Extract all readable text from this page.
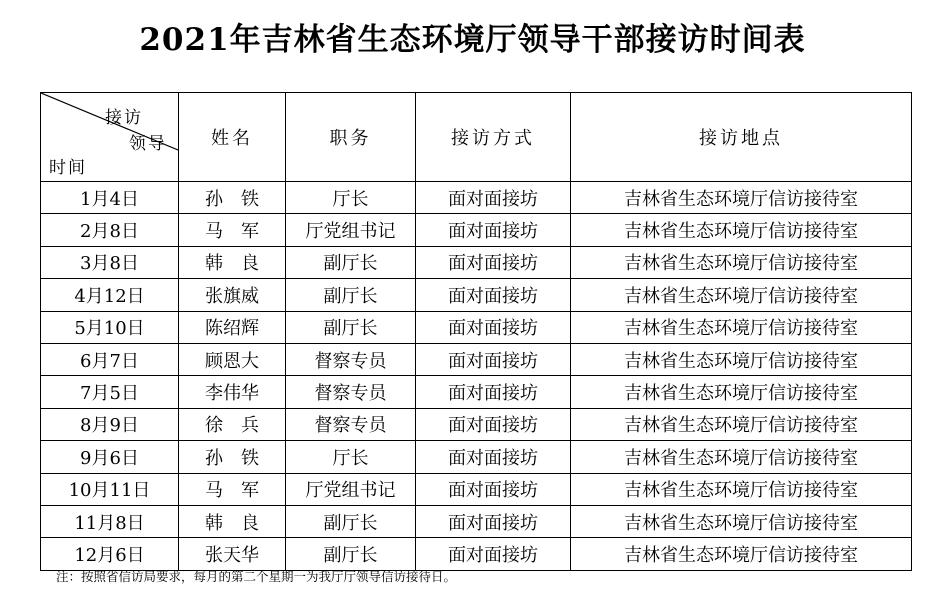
2021年吉林省生态环境厅领导干部接访时间表
接访
领导
时间	姓名	职务	接访方式	接访地点
1月4日	孙　铁	厅长	面对面接坊	吉林省生态环境厅信访接待室
2月8日	马　军	厅党组书记	面对面接坊	吉林省生态环境厅信访接待室
3月8日	韩　良	副厅长	面对面接坊	吉林省生态环境厅信访接待室
4月12日	张旗威	副厅长	面对面接坊	吉林省生态环境厅信访接待室
5月10日	陈绍辉	副厅长	面对面接坊	吉林省生态环境厅信访接待室
6月7日	顾恩大	督察专员	面对面接坊	吉林省生态环境厅信访接待室
7月5日	李伟华	督察专员	面对面接坊	吉林省生态环境厅信访接待室
8月9日	徐　兵	督察专员	面对面接坊	吉林省生态环境厅信访接待室
9月6日	孙　铁	厅长	面对面接坊	吉林省生态环境厅信访接待室
10月11日	马　军	厅党组书记	面对面接坊	吉林省生态环境厅信访接待室
11月8日	韩　良	副厅长	面对面接坊	吉林省生态环境厅信访接待室
12月6日	张天华	副厅长	面对面接坊	吉林省生态环境厅信访接待室
注：按照省信访局要求，每月的第二个星期一为我厅厅领导信访接待日。
